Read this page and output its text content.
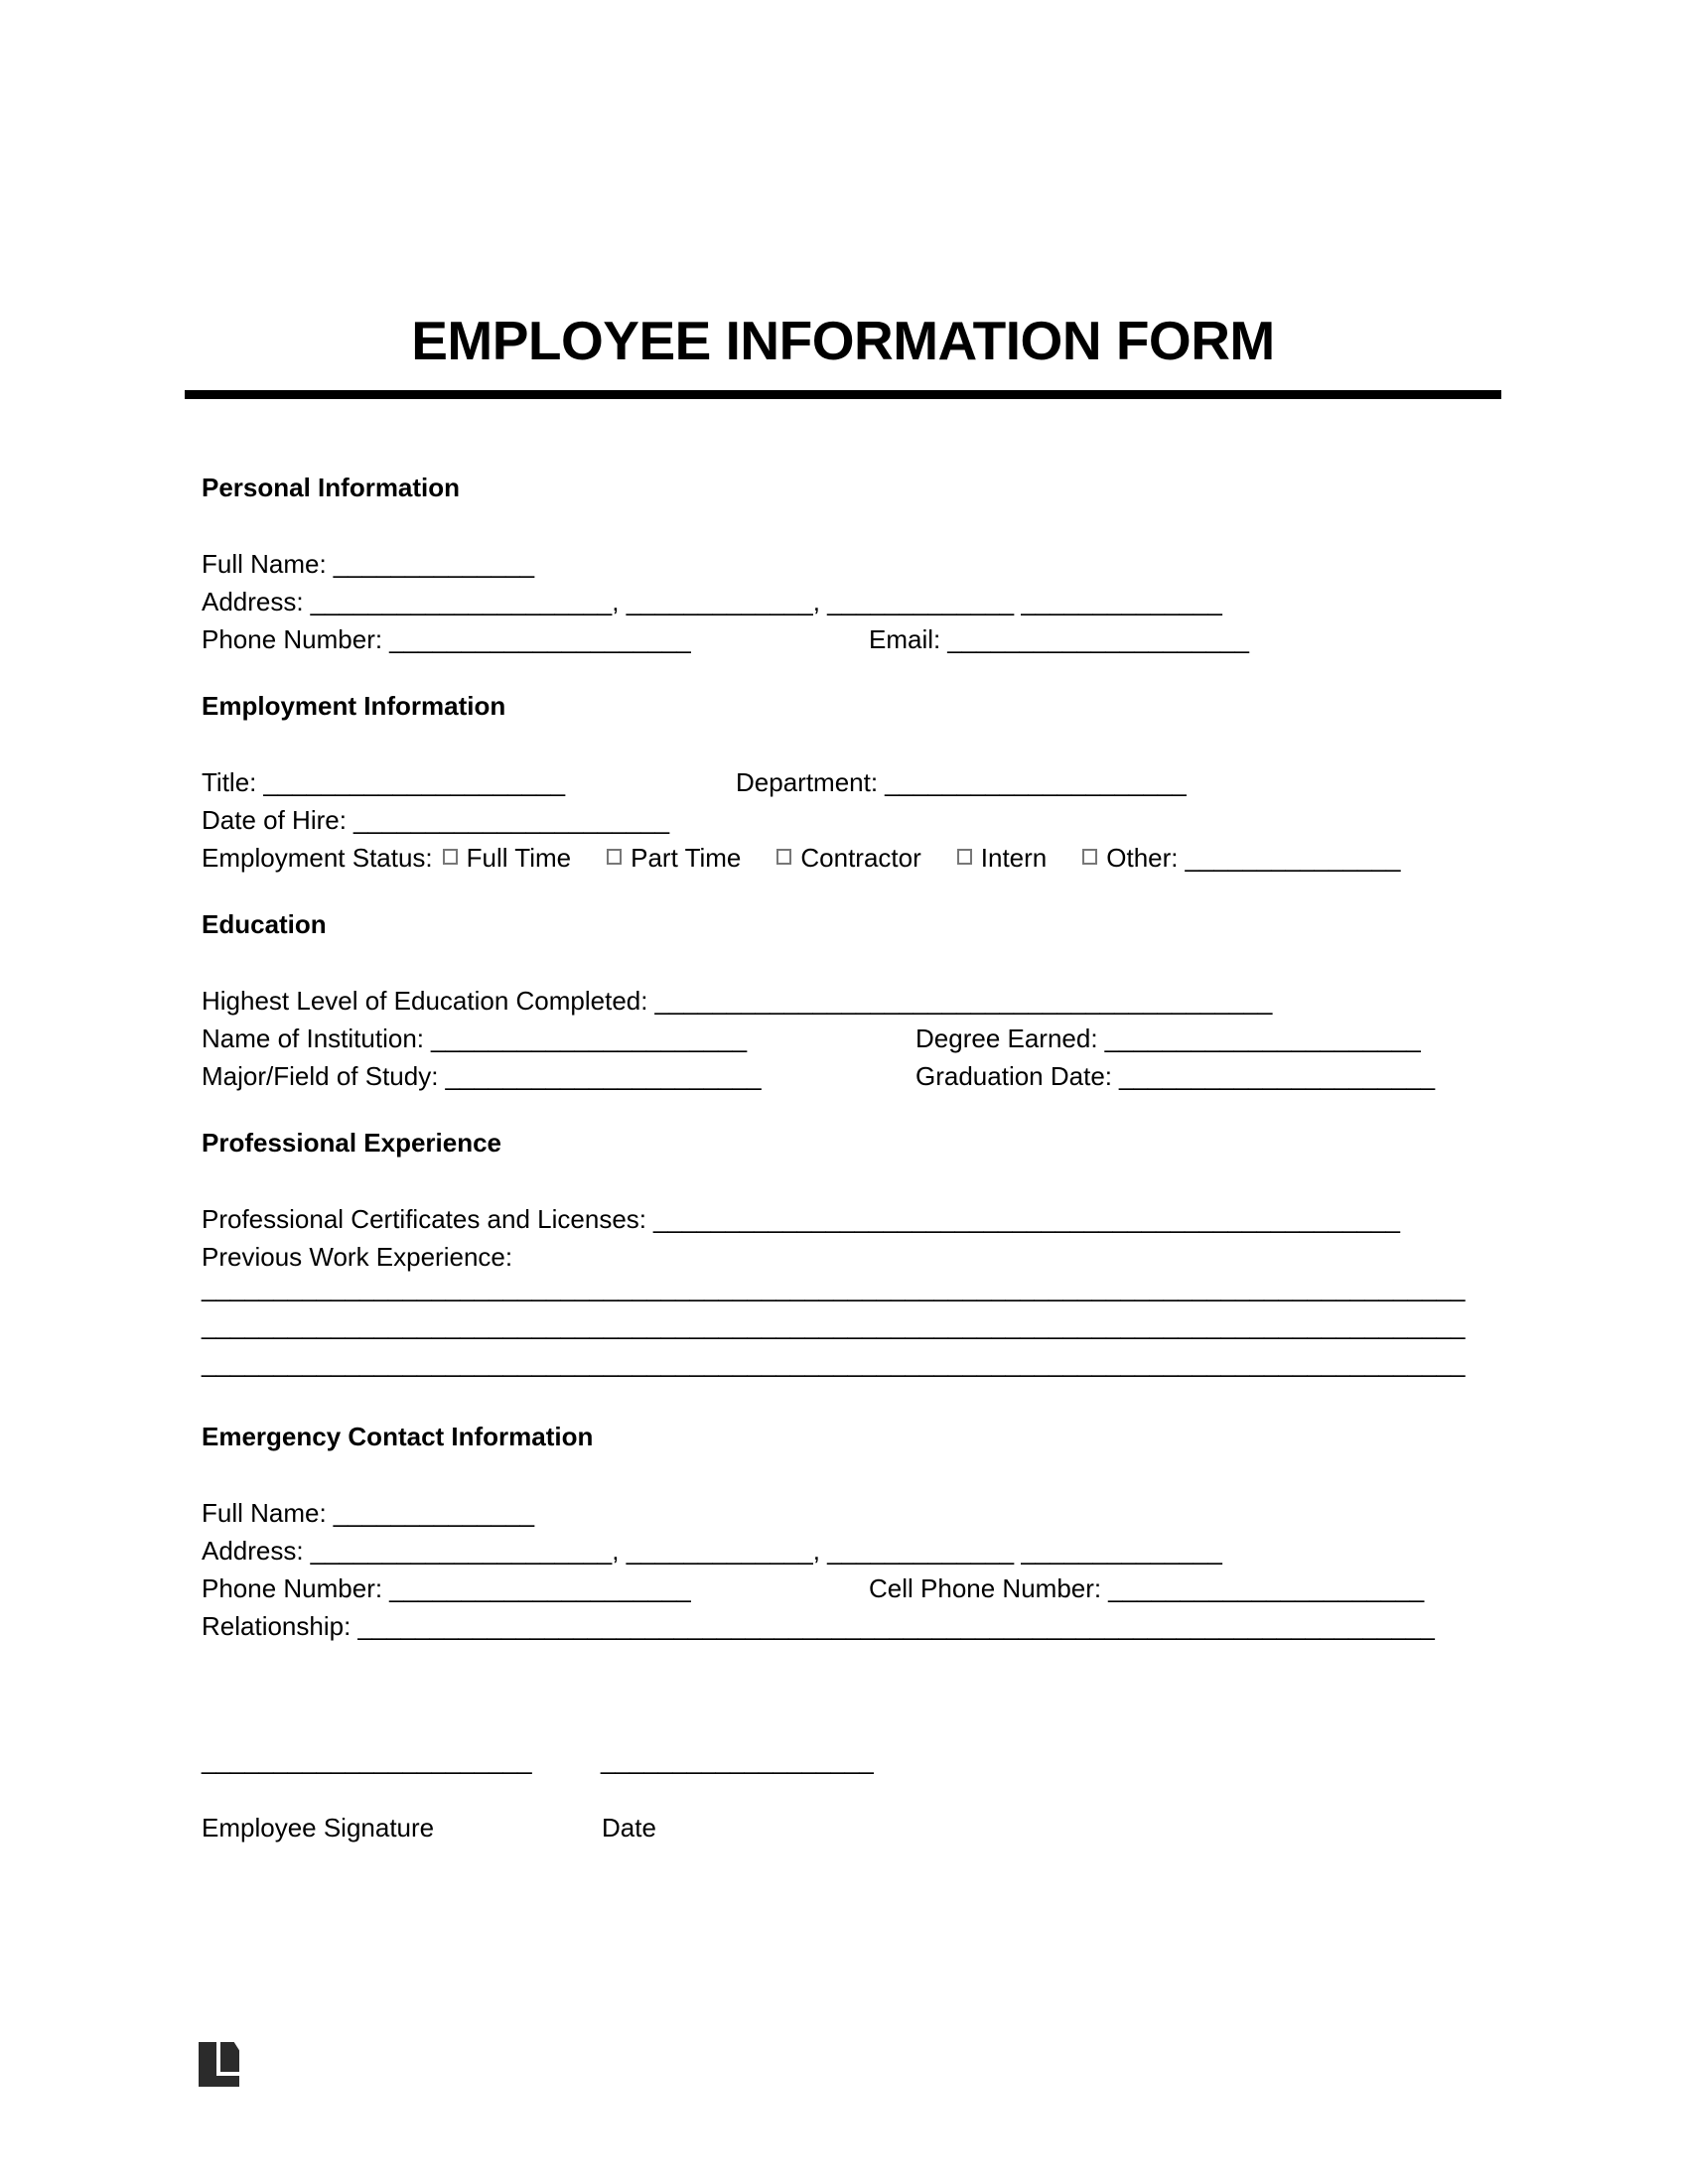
EMPLOYEE INFORMATION FORM
Personal Information
Full Name: ______________
Address: _____________________, _____________, _____________ ______________
Phone Number: _____________________	Email: _____________________
Employment Information
Title: _____________________	Department: _____________________
Date of Hire: ______________________
Employment Status: Full Time Part Time Contractor Intern Other: _______________
Education
Highest Level of Education Completed: ___________________________________________
Name of Institution: ______________________	Degree Earned: ______________________
Major/Field of Study: ______________________	Graduation Date: ______________________
Professional Experience
Professional Certificates and Licenses: ____________________________________________________
Previous Work Experience:
________________________________________________________________________________________
________________________________________________________________________________________
________________________________________________________________________________________
Emergency Contact Information
Full Name: ______________
Address: _____________________, _____________, _____________ ______________
Phone Number: _____________________	Cell Phone Number: ______________________
Relationship: ___________________________________________________________________________
_______________________	___________________
Employee Signature	Date
